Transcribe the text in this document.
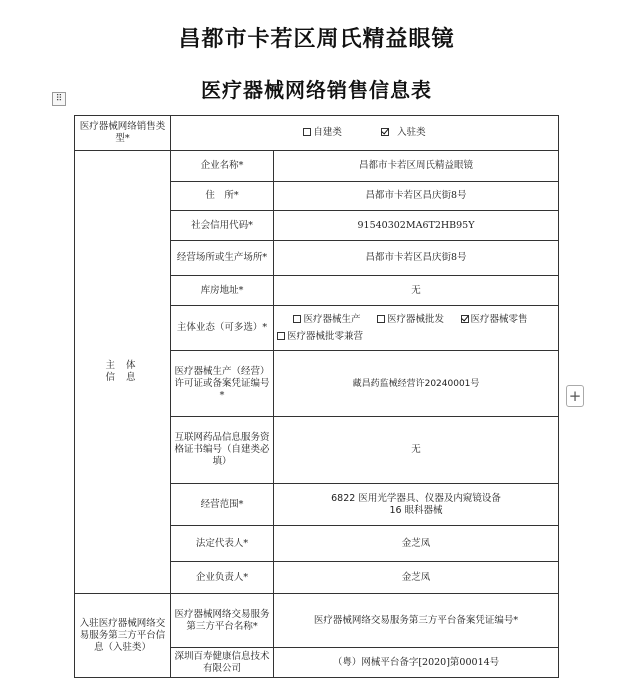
昌都市卡若区周氏精益眼镜
医疗器械网络销售信息表
⠿
+
医疗器械网络销售类型*	自建类 入驻类	
主 体 信 息	企业名称*	昌都市卡若区周氏精益眼镜
	住　所*	昌都市卡若区昌庆街8号
	社会信用代码*	91540302MA6T2HB95Y
	经营场所或生产场所*	昌都市卡若区昌庆街8号
	库房地址*	无
	主体业态（可多选）*	医疗器械生产 医疗器械批发 医疗器械零售
医疗器械批零兼营

	医疗器械生产（经营）许可证或备案凭证编号*	藏昌药监械经营许20240001号
	互联网药品信息服务资格证书编号（自建类必填）	无
	经营范围*	6822 医用光学器具、仪器及内窥镜设备
16 眼科器械

	法定代表人*	金芝凤
	企业负责人*	金芝凤
入驻医疗器械网络交易服务第三方平台信息（入驻类）	医疗器械网络交易服务第三方平台名称*	医疗器械网络交易服务第三方平台备案凭证编号*
	深圳百寿健康信息技术有限公司	（粤）网械平台备字[2020]第00014号
